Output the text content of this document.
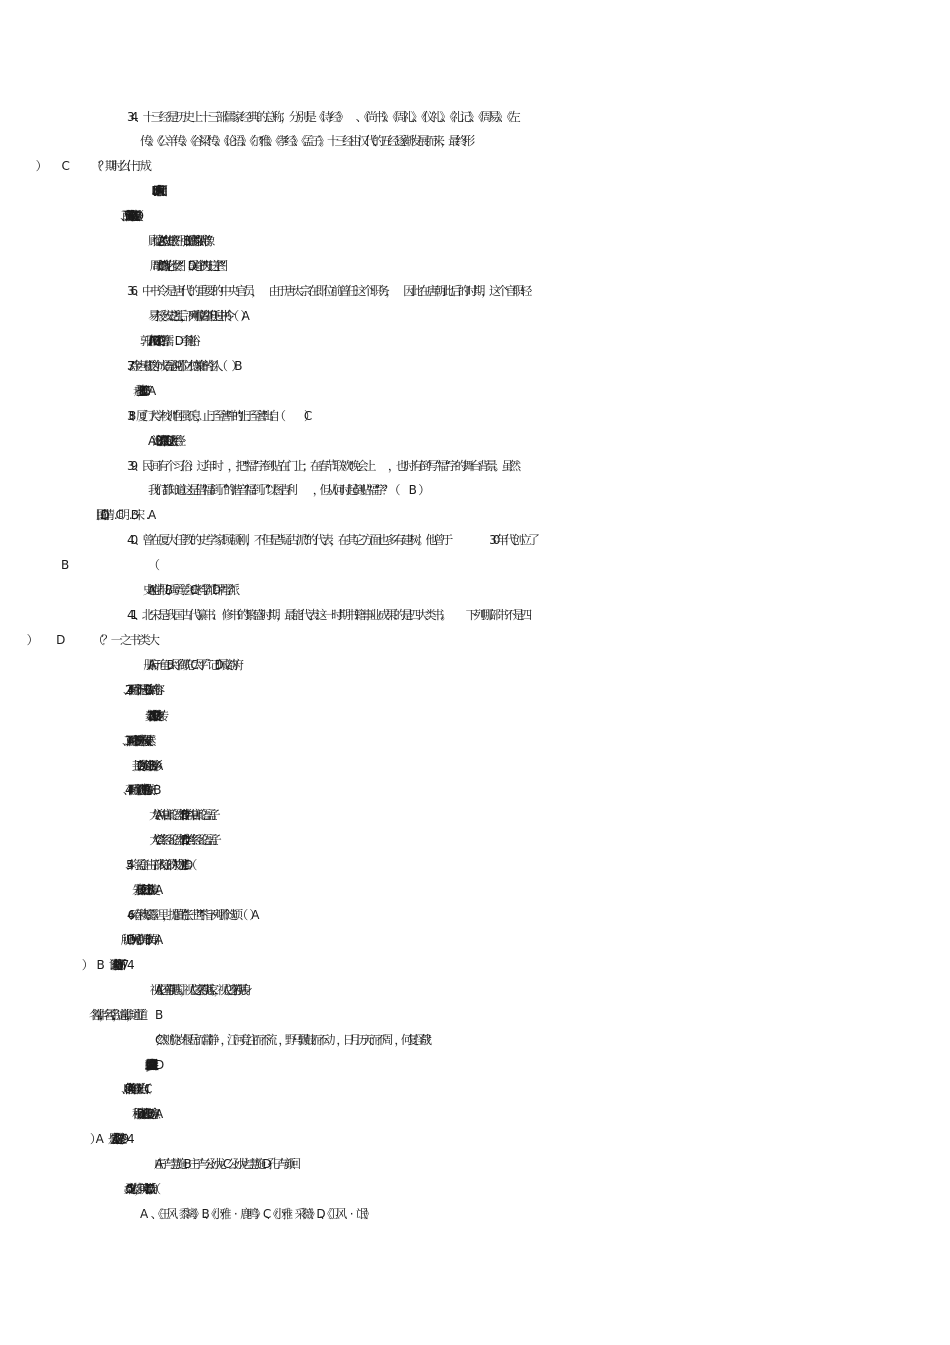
34、十三经是历史上十三部儒家经典的总称，分别是《诗经》　　、《尚书》、《周礼》、《仪礼》、《礼记》、《周易》、《左
传》、《公羊传》、《谷梁传》、《论语》、《尔雅》、《孝经》、《孟子》。十三经由汉代的五经逐渐发展而来，最终形
A、唐朝　 B　、五代　 C　、南宋　 D　、明朝
A. 顾恺之的“女史箴图”　　　B.　　 张僧繇的“梁武帝像”
C. 周昉的“簪花仕女图”　　　D.　　 吴道子的“天王送子图”
36、中书令是唐代的重要的中央官员，　　由于唐太宗在即位前曾任这个职务，　　因此在唐朝此后的时期，这个官职轻
易不授。安史之乱后，下列哪位曾经担任过中书令（　　　A　 ）
A. 郭子仪　 B.　 杨炎　 C.　 牛僧孺　　D.　　李德裕
37、“金声玉振”这个成语是说哪位才德兼备的名人（　　　B ）
38、厦门大学校训“自强不息，止于至善”中的“止于至善”出自（　　　　C ）
A《论语》　 B　《诗经》　 C　《礼记》　 D　《太平经》
39、民间有个习俗：过年时　，把“福”字倒贴在门上；在春节联欢晚会上　　，也时有倒写“福”字的舞台背景。虽然
我们都知道这是借“福倒了”的谐音“福到了”以图吉利　　　，但从何时起倒贴“福”字？（　　B　）
40、曾在厦大任教的史学家顾颉刚，不但是“疑古派”的代表，在其它方面也多有建树。他曾于　　　　　30 年代创立了
A. 史地学报　 B　 禹贡学会　 C.　 史料学派　 D.　 甲骨学派
41、北宋是我国古代纂书、　修书的繁盛时期，最能代表这一时期书籍事业成果的是四大类书。　　　下列哪部书不是四
A. 册府元龟　 B.　 太平御览　 C.　 太平广记　 D.　 佩文韵府
42、下面哪个不是《易传》的内容　 ：（ B ）
A.　彖传　 B　 彀梁传　 C　 象传　 D　 文言传
43、下面哪个不是卦的构成要素　 ：（ B ）
44、下面哪个选项是”四书”的构成（　　B　 ）
A 大学．中庸．论语．尔雅　 B　 大学．中庸．论语．孟子
C 大学．孝经．论语．尔雅　 D　 大学．孝经．论语．孟子
45、将《孟子》由子部入经部的人物是谁　 ？（ D ）
46、《春秋繁露》里，提倡的“张三世”不指下列哪个选项（　　A ）
A 视人之国若视其国　，视人之家若视其家　，视人之身若视其身
C 然则旋岁偃岳而常静　，江河竞注而不流　，野马飘鼓而不动　，日月历天而不周　，何复怪哉 ？
48、唐代著作《五经正义》出自（　　C　 ）
A 庄子与慧施　 B　 庄子与公孙龙　 C　 公孙龙与慧施　 D　 孔子与颜回
50、“桑之未落，其叶若沃。　”出自　　（ D ）
A　、《王风·　 黍离》　B 、《小雅　·　鹿鸣》　C 、《小雅·　采薇》　 D 、《卫风　·　氓》
